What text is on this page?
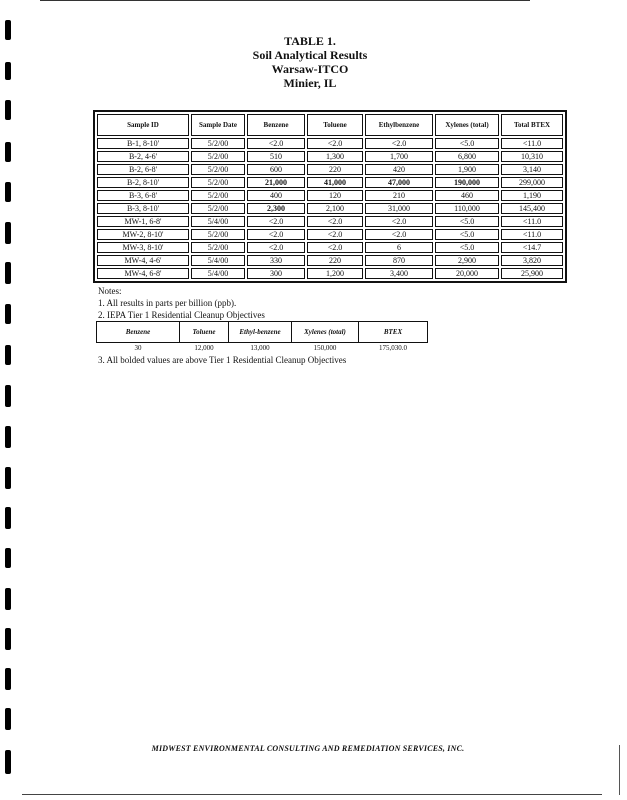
TABLE 1.
Soil Analytical Results
Warsaw-ITCO
Minier, IL
Sample ID	Sample Date	Benzene	Toluene	Ethylbenzene	Xylenes (total)	Total BTEX
B-1, 8-10'	5/2/00	<2.0	<2.0	<2.0	<5.0	<11.0
B-2, 4-6'	5/2/00	510	1,300	1,700	6,800	10,310
B-2, 6-8'	5/2/00	600	220	420	1,900	3,140
B-2, 8-10'	5/2/00	21,000	41,000	47,000	190,000	299,000
B-3, 6-8'	5/2/00	400	120	210	460	1,190
B-3, 8-10'	5/2/00	2,300	2,100	31,000	110,000	145,400
MW-1, 6-8'	5/4/00	<2.0	<2.0	<2.0	<5.0	<11.0
MW-2, 8-10'	5/2/00	<2.0	<2.0	<2.0	<5.0	<11.0
MW-3, 8-10'	5/2/00	<2.0	<2.0	6	<5.0	<14.7
MW-4, 4-6'	5/4/00	330	220	870	2,900	3,820
MW-4, 6-8'	5/4/00	300	1,200	3,400	20,000	25,900
Notes:
1. All results in parts per billion (ppb).
2. IEPA Tier 1 Residential Cleanup Objectives
Benzene	Toluene	Ethyl-benzene	Xylenes (total)	BTEX
30	12,000	13,000	150,000	175,030.0
3. All bolded values are above Tier 1 Residential Cleanup Objectives
MIDWEST ENVIRONMENTAL CONSULTING AND REMEDIATION SERVICES, INC.
